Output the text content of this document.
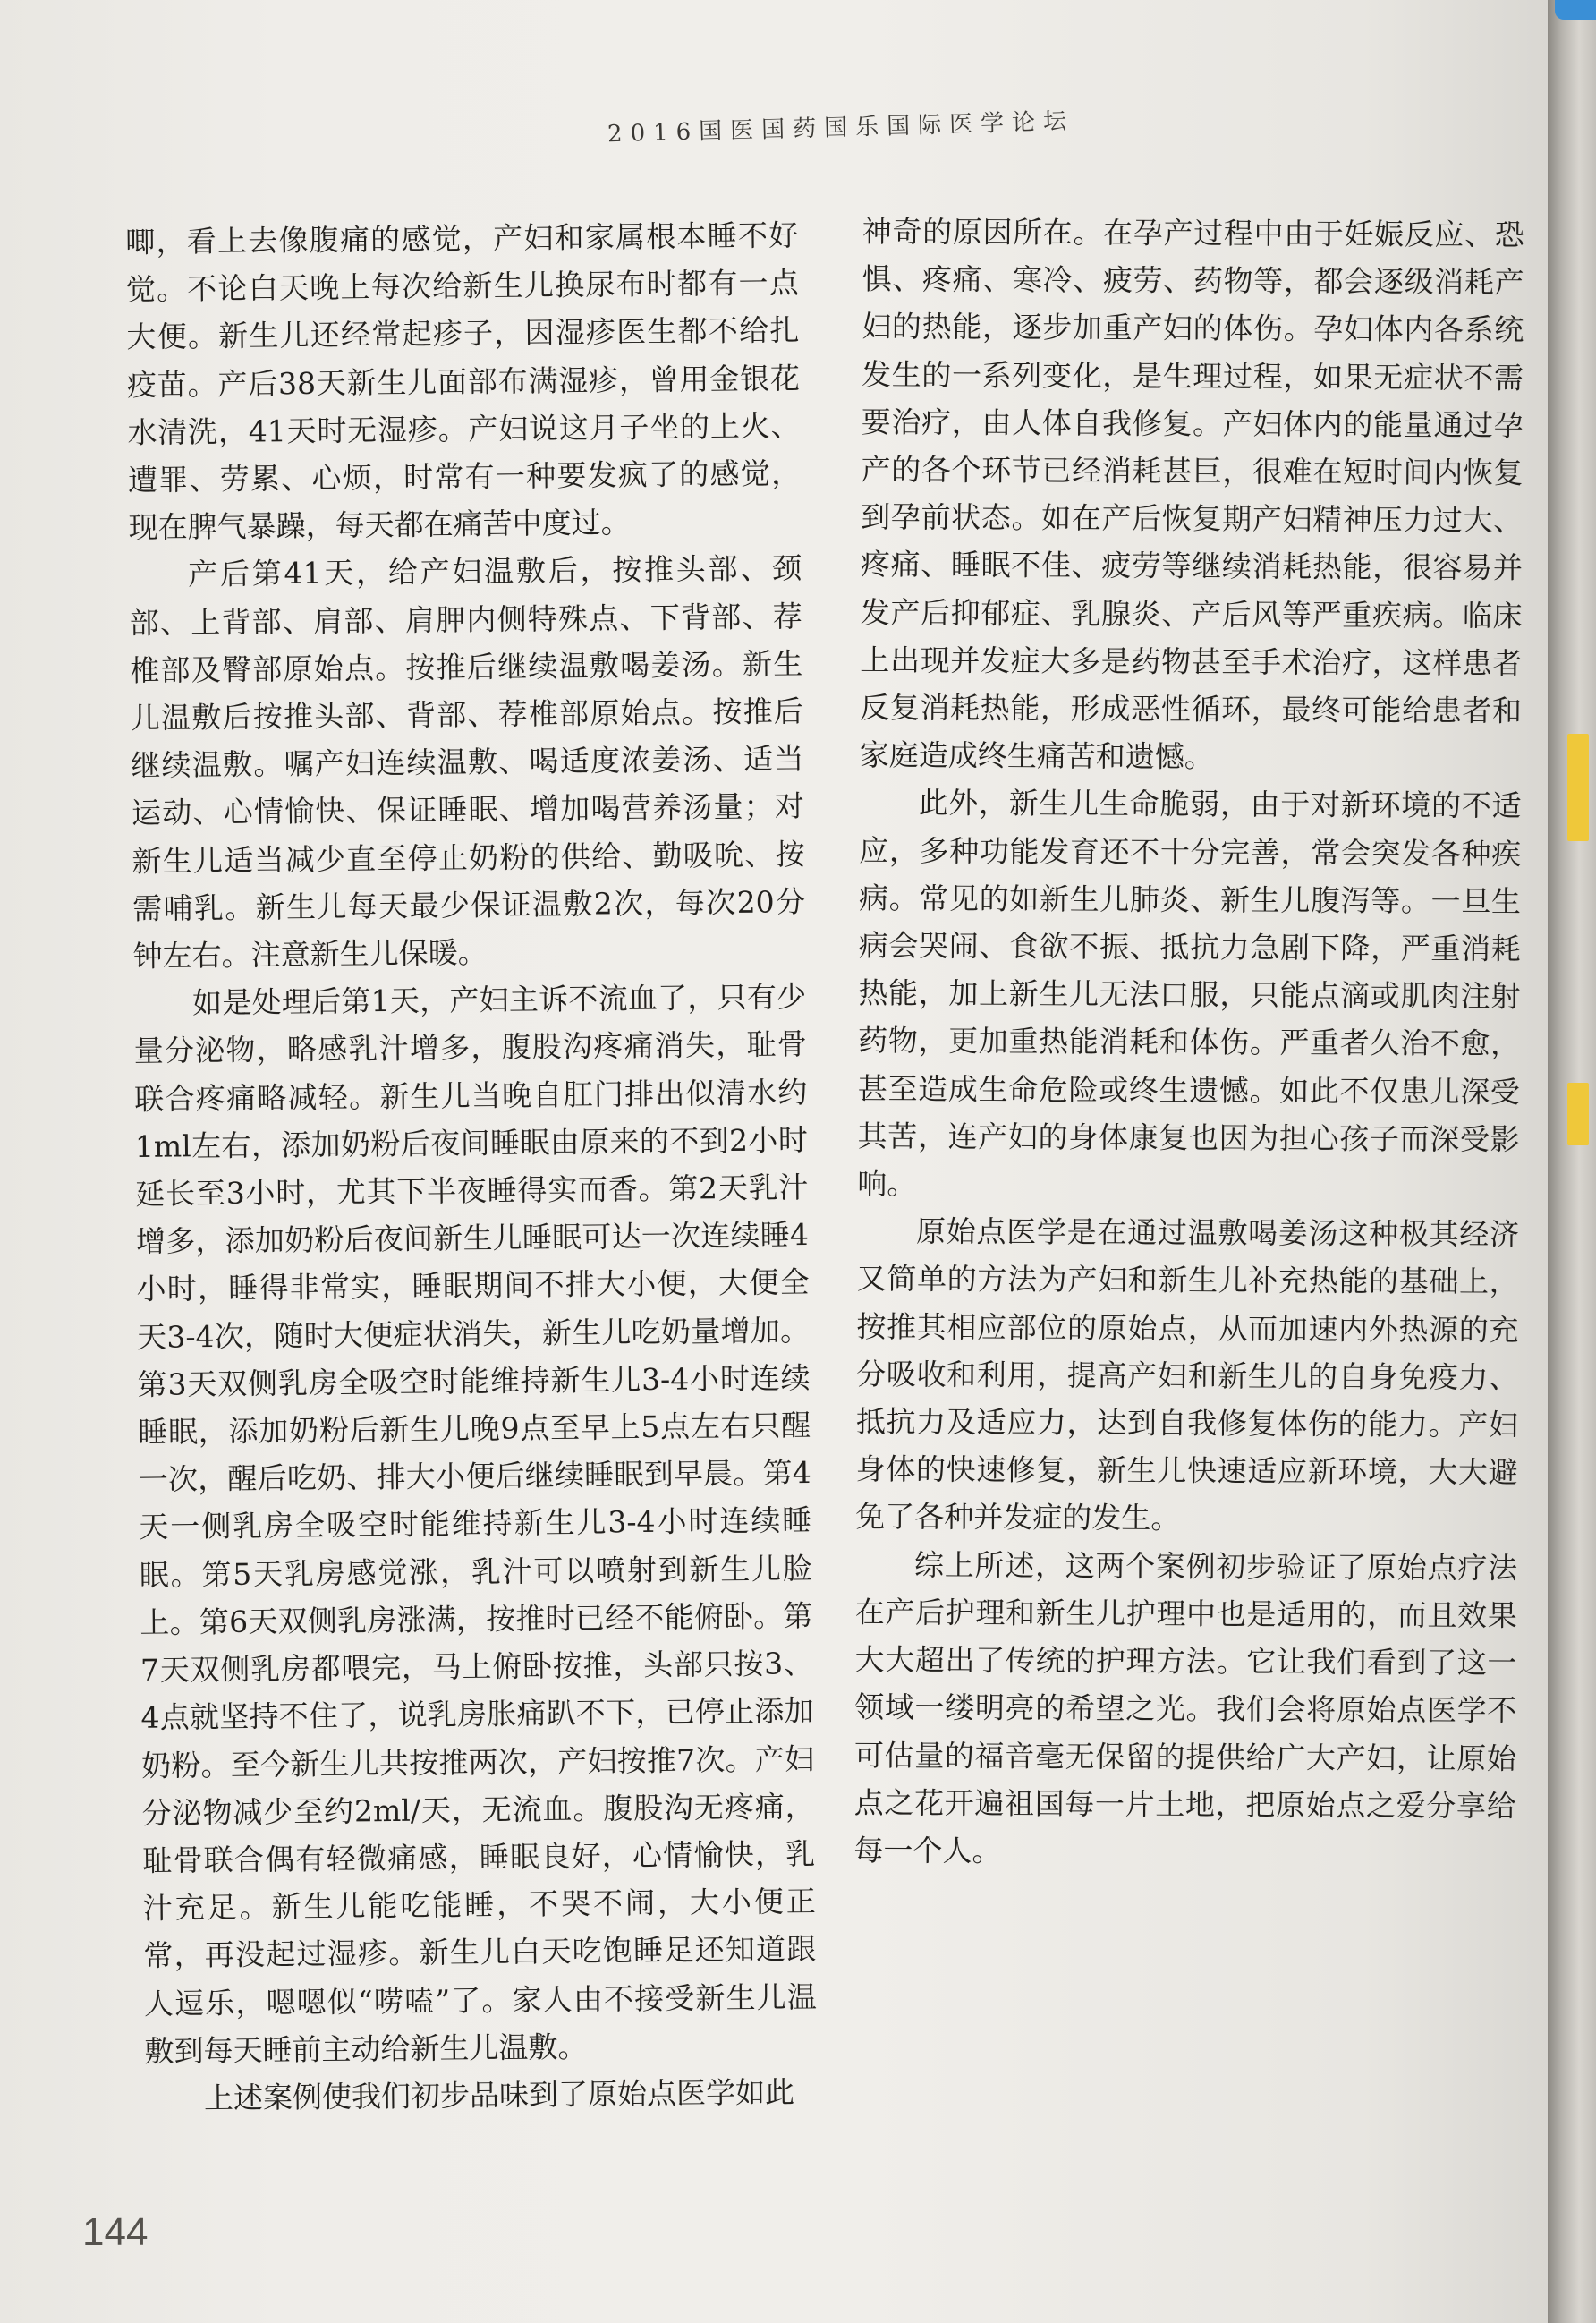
2016国医国药国乐国际医学论坛

唧，看上去像腹痛的感觉，产妇和家属根本睡不好觉。不论白天晚上每次给新生儿换尿布时都有一点大便。新生儿还经常起疹子，因湿疹医生都不给扎疫苗。产后38天新生儿面部布满湿疹，曾用金银花水清洗，41天时无湿疹。产妇说这月子坐的上火、遭罪、劳累、心烦，时常有一种要发疯了的感觉，现在脾气暴躁，每天都在痛苦中度过。

产后第41天，给产妇温敷后，按推头部、颈部、上背部、肩部、肩胛内侧特殊点、下背部、荐椎部及臀部原始点。按推后继续温敷喝姜汤。新生儿温敷后按推头部、背部、荐椎部原始点。按推后继续温敷。嘱产妇连续温敷、喝适度浓姜汤、适当运动、心情愉快、保证睡眠、增加喝营养汤量；对新生儿适当减少直至停止奶粉的供给、勤吸吮、按需哺乳。新生儿每天最少保证温敷2次，每次20分钟左右。注意新生儿保暖。

如是处理后第1天，产妇主诉不流血了，只有少量分泌物，略感乳汁增多，腹股沟疼痛消失，耻骨联合疼痛略减轻。新生儿当晚自肛门排出似清水约1ml左右，添加奶粉后夜间睡眠由原来的不到2小时延长至3小时，尤其下半夜睡得实而香。第2天乳汁增多，添加奶粉后夜间新生儿睡眠可达一次连续睡4小时，睡得非常实，睡眠期间不排大小便，大便全天3-4次，随时大便症状消失，新生儿吃奶量增加。第3天双侧乳房全吸空时能维持新生儿3-4小时连续睡眠，添加奶粉后新生儿晚9点至早上5点左右只醒一次，醒后吃奶、排大小便后继续睡眠到早晨。第4天一侧乳房全吸空时能维持新生儿3-4小时连续睡眠。第5天乳房感觉涨，乳汁可以喷射到新生儿脸上。第6天双侧乳房涨满，按推时已经不能俯卧。第7天双侧乳房都喂完，马上俯卧按推，头部只按3、4点就坚持不住了，说乳房胀痛趴不下，已停止添加奶粉。至今新生儿共按推两次，产妇按推7次。产妇分泌物减少至约2ml/天，无流血。腹股沟无疼痛，耻骨联合偶有轻微痛感，睡眠良好，心情愉快，乳汁充足。新生儿能吃能睡，不哭不闹，大小便正常，再没起过湿疹。新生儿白天吃饱睡足还知道跟人逗乐，嗯嗯似“唠嗑”了。家人由不接受新生儿温敷到每天睡前主动给新生儿温敷。

上述案例使我们初步品味到了原始点医学如此

神奇的原因所在。在孕产过程中由于妊娠反应、恐惧、疼痛、寒冷、疲劳、药物等，都会逐级消耗产妇的热能，逐步加重产妇的体伤。孕妇体内各系统发生的一系列变化，是生理过程，如果无症状不需要治疗，由人体自我修复。产妇体内的能量通过孕产的各个环节已经消耗甚巨，很难在短时间内恢复到孕前状态。如在产后恢复期产妇精神压力过大、疼痛、睡眠不佳、疲劳等继续消耗热能，很容易并发产后抑郁症、乳腺炎、产后风等严重疾病。临床上出现并发症大多是药物甚至手术治疗，这样患者反复消耗热能，形成恶性循环，最终可能给患者和家庭造成终生痛苦和遗憾。

此外，新生儿生命脆弱，由于对新环境的不适应，多种功能发育还不十分完善，常会突发各种疾病。常见的如新生儿肺炎、新生儿腹泻等。一旦生病会哭闹、食欲不振、抵抗力急剧下降，严重消耗热能，加上新生儿无法口服，只能点滴或肌肉注射药物，更加重热能消耗和体伤。严重者久治不愈，甚至造成生命危险或终生遗憾。如此不仅患儿深受其苦，连产妇的身体康复也因为担心孩子而深受影响。

原始点医学是在通过温敷喝姜汤这种极其经济又简单的方法为产妇和新生儿补充热能的基础上，按推其相应部位的原始点，从而加速内外热源的充分吸收和利用，提高产妇和新生儿的自身免疫力、抵抗力及适应力，达到自我修复体伤的能力。产妇身体的快速修复，新生儿快速适应新环境，大大避免了各种并发症的发生。

综上所述，这两个案例初步验证了原始点疗法在产后护理和新生儿护理中也是适用的，而且效果大大超出了传统的护理方法。它让我们看到了这一领域一缕明亮的希望之光。我们会将原始点医学不可估量的福音毫无保留的提供给广大产妇，让原始点之花开遍祖国每一片土地，把原始点之爱分享给每一个人。

144
